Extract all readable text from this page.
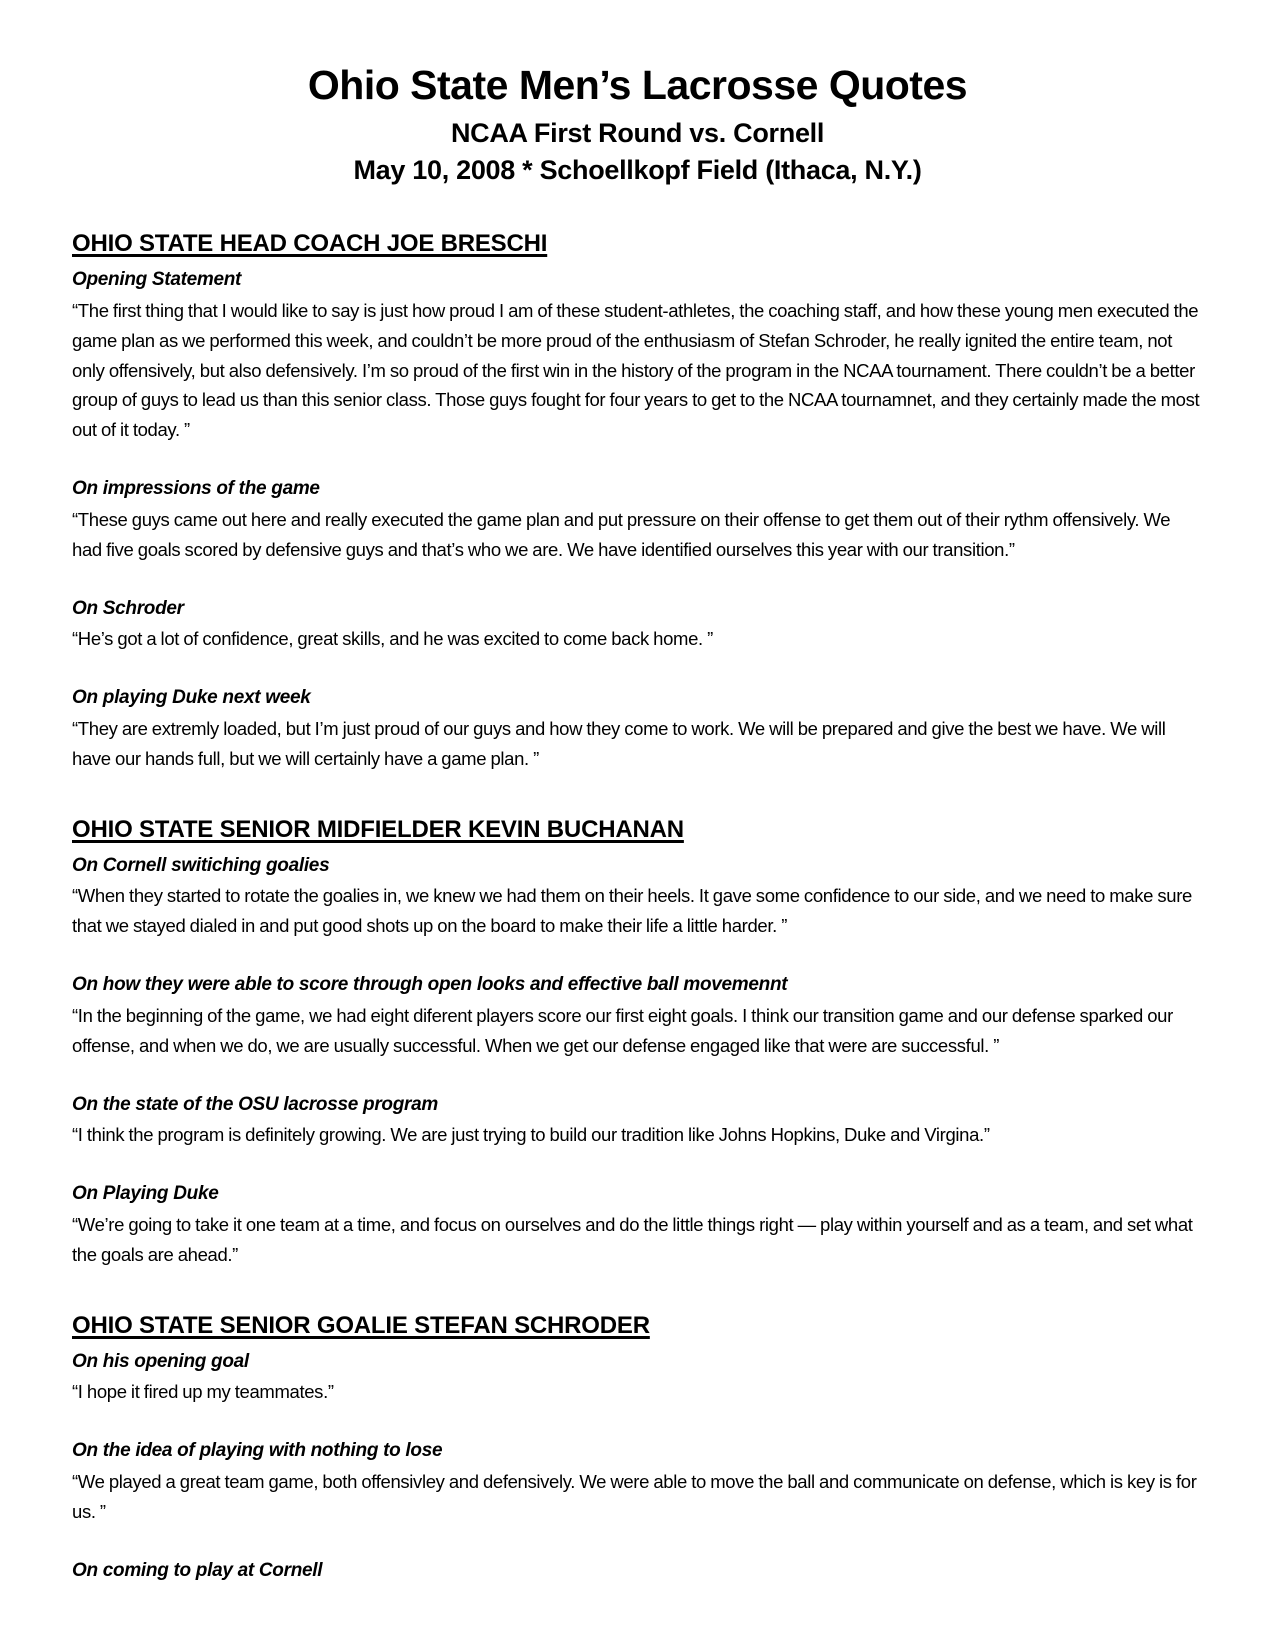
Ohio State Men’s Lacrosse Quotes
NCAA First Round vs. Cornell
May 10, 2008 * Schoellkopf Field (Ithaca, N.Y.)
OHIO STATE HEAD COACH JOE BRESCHI
Opening Statement
“The first thing that I would like to say is just how proud I am of these student-athletes, the coaching staff, and how these young men executed the game plan as we performed this week, and couldn’t be more proud of the enthusiasm of Stefan Schroder, he really ignited the entire team, not only offensively, but also defensively. I’m so proud of the first win in the history of the program in the NCAA tournament. There couldn’t be a better group of guys to lead us than this senior class. Those guys fought for four years to get to the NCAA tournamnet, and they certainly made the most out of it today. ”
On impressions of the game
“These guys came out here and really executed the game plan and put pressure on their offense to get them out of their rythm offensively. We had five goals scored by defensive guys and that’s who we are. We have identified ourselves this year with our transition.”
On Schroder
“He’s got a lot of confidence, great skills, and he was excited to come back home. ”
On playing Duke next week
“They are extremly loaded, but I’m just proud of our guys and how they come to work. We will be prepared and give the best we have. We will have our hands full, but we will certainly have a game plan. ”
OHIO STATE SENIOR MIDFIELDER KEVIN BUCHANAN
On Cornell switiching goalies
“When they started to rotate the goalies in, we knew we had them on their heels. It gave some confidence to our side, and we need to make sure that we stayed dialed in and put good shots up on the board to make their life a little harder. ”
On how they were able to score through open looks and effective ball movemennt
“In the beginning of the game, we had eight diferent players score our first eight goals. I think our transition game and our defense sparked our offense, and when we do, we are usually successful. When we get our defense engaged like that were are successful. ”
On the state of the OSU lacrosse program
“I think the program is definitely growing. We are just trying to build our tradition like Johns Hopkins, Duke and Virgina.”
On Playing Duke
“We’re going to take it one team at a time, and focus on ourselves and do the little things right — play within yourself and as a team, and set what the goals are ahead.”
OHIO STATE SENIOR GOALIE STEFAN SCHRODER
On his opening goal
“I hope it fired up my teammates.”
On the idea of playing with nothing to lose
“We played a great team game, both offensivley and defensively. We were able to move the ball and communicate on defense, which is key is for us. ”
On coming to play at Cornell
